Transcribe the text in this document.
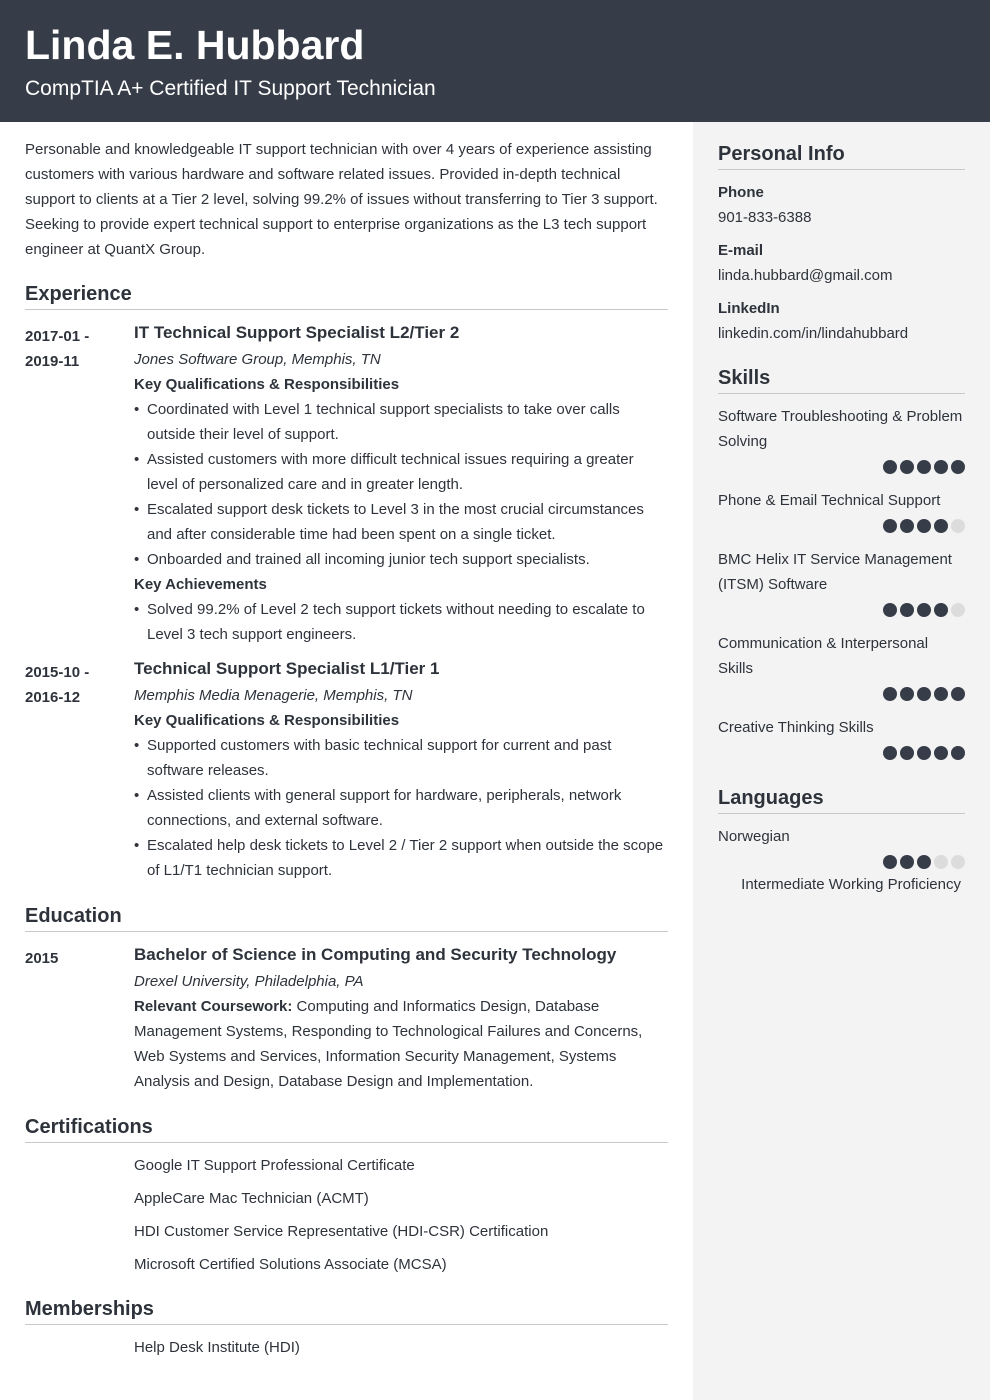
Linda E. Hubbard
CompTIA A+ Certified IT Support Technician
Personal Info
Phone
901-833-6388
E-mail
linda.hubbard@gmail.com
LinkedIn
linkedin.com/in/lindahubbard
Skills
Software Troubleshooting & Problem Solving
Phone & Email Technical Support
BMC Helix IT Service Management (ITSM) Software
Communication & Interpersonal Skills
Creative Thinking Skills
Languages
Norwegian
Intermediate Working Proficiency
Personable and knowledgeable IT support technician with over 4 years of experience assisting customers with various hardware and software related issues. Provided in-depth technical support to clients at a Tier 2 level, solving 99.2% of issues without transferring to Tier 3 support. Seeking to provide expert technical support to enterprise organizations as the L3 tech support engineer at QuantX Group.
Experience
2017-01 -
2019-11
IT Technical Support Specialist L2/Tier 2
Jones Software Group, Memphis, TN
Key Qualifications & Responsibilities
• Coordinated with Level 1 technical support specialists to take over calls outside their level of support.
• Assisted customers with more difficult technical issues requiring a greater level of personalized care and in greater length.
• Escalated support desk tickets to Level 3 in the most crucial circumstances and after considerable time had been spent on a single ticket.
• Onboarded and trained all incoming junior tech support specialists.
Key Achievements
• Solved 99.2% of Level 2 tech support tickets without needing to escalate to Level 3 tech support engineers.
2015-10 -
2016-12
Technical Support Specialist L1/Tier 1
Memphis Media Menagerie, Memphis, TN
Key Qualifications & Responsibilities
• Supported customers with basic technical support for current and past software releases.
• Assisted clients with general support for hardware, peripherals, network connections, and external software.
• Escalated help desk tickets to Level 2 / Tier 2 support when outside the scope of L1/T1 technician support.
Education
2015	Bachelor of Science in Computing and Security Technology
Drexel University, Philadelphia, PA
Relevant Coursework: Computing and Informatics Design, Database Management Systems, Responding to Technological Failures and Concerns, Web Systems and Services, Information Security Management, Systems Analysis and Design, Database Design and Implementation.
Certifications
Google IT Support Professional Certificate
AppleCare Mac Technician (ACMT)
HDI Customer Service Representative (HDI-CSR) Certification
Microsoft Certified Solutions Associate (MCSA)
Memberships
Help Desk Institute (HDI)
